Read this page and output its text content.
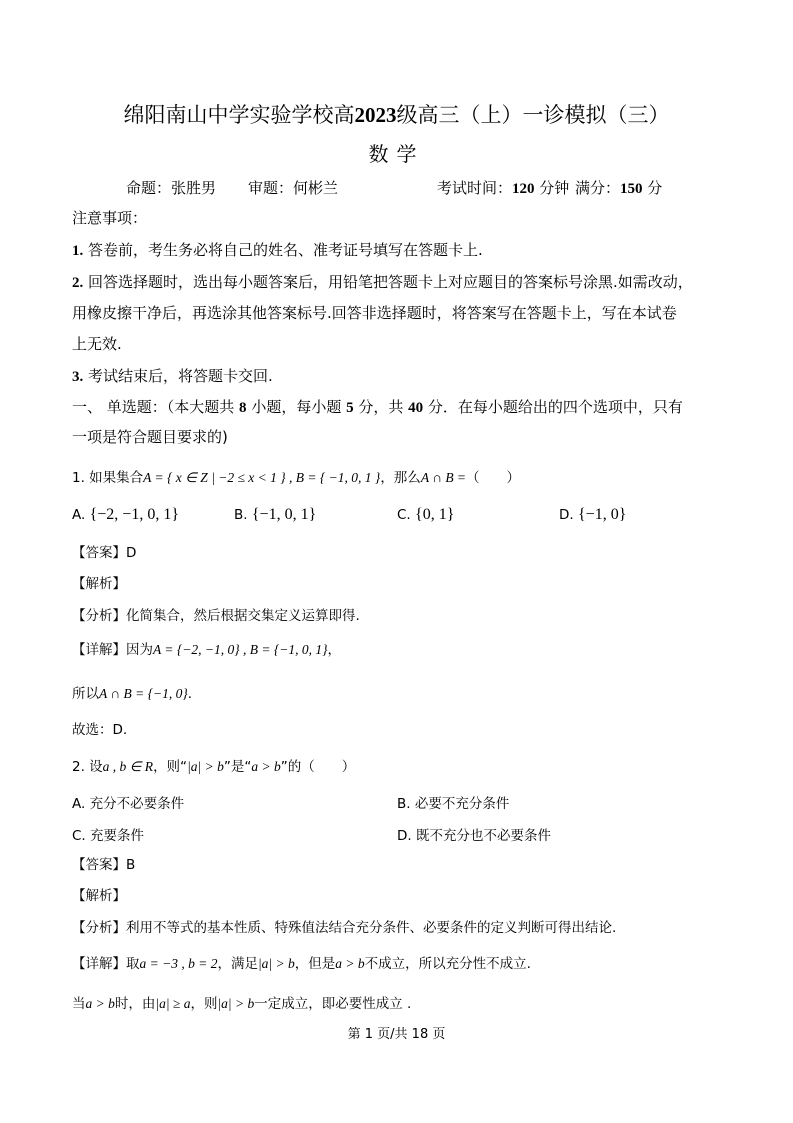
绵阳南山中学实验学校高2023级高三（上）一诊模拟（三）
数学
命题：张胜男 审题：何彬兰	考试时间：120 分钟 满分：150 分
注意事项：
1. 答卷前，考生务必将自己的姓名、准考证号填写在答题卡上.
2. 回答选择题时，选出每小题答案后，用铅笔把答题卡上对应题目的答案标号涂黑.如需改动，
用橡皮擦干净后，再选涂其他答案标号.回答非选择题时，将答案写在答题卡上，写在本试卷
上无效.
3. 考试结束后，将答题卡交回.
一、 单选题：（本大题共 8 小题，每小题 5 分，共 40 分．在每小题给出的四个选项中，只有
一项是符合题目要求的)
1. 如果集合A = { x ∈ Z | −2 ≤ x < 1 } , B = { −1, 0, 1 }，那么A ∩ B =（　　）
A. {−2, −1, 0, 1}	B. {−1, 0, 1}	C. {0, 1}	D. {−1, 0}
【答案】D
【解析】
【分析】化简集合，然后根据交集定义运算即得.
【详解】因为A = {−2, −1, 0} , B = {−1, 0, 1}，
所以A ∩ B = {−1, 0}.
故选：D.
2. 设a , b ∈ R，则“|a| > b”是“a > b”的（　　）
A. 充分不必要条件	B. 必要不充分条件
C. 充要条件	D. 既不充分也不必要条件
【答案】B
【解析】
【分析】利用不等式的基本性质、特殊值法结合充分条件、必要条件的定义判断可得出结论.
【详解】取a = −3 , b = 2，满足|a| > b，但是a > b不成立，所以充分性不成立.
当a > b时，由|a| ≥ a，则|a| > b一定成立，即必要性成立 .
第 1 页/共 18 页
